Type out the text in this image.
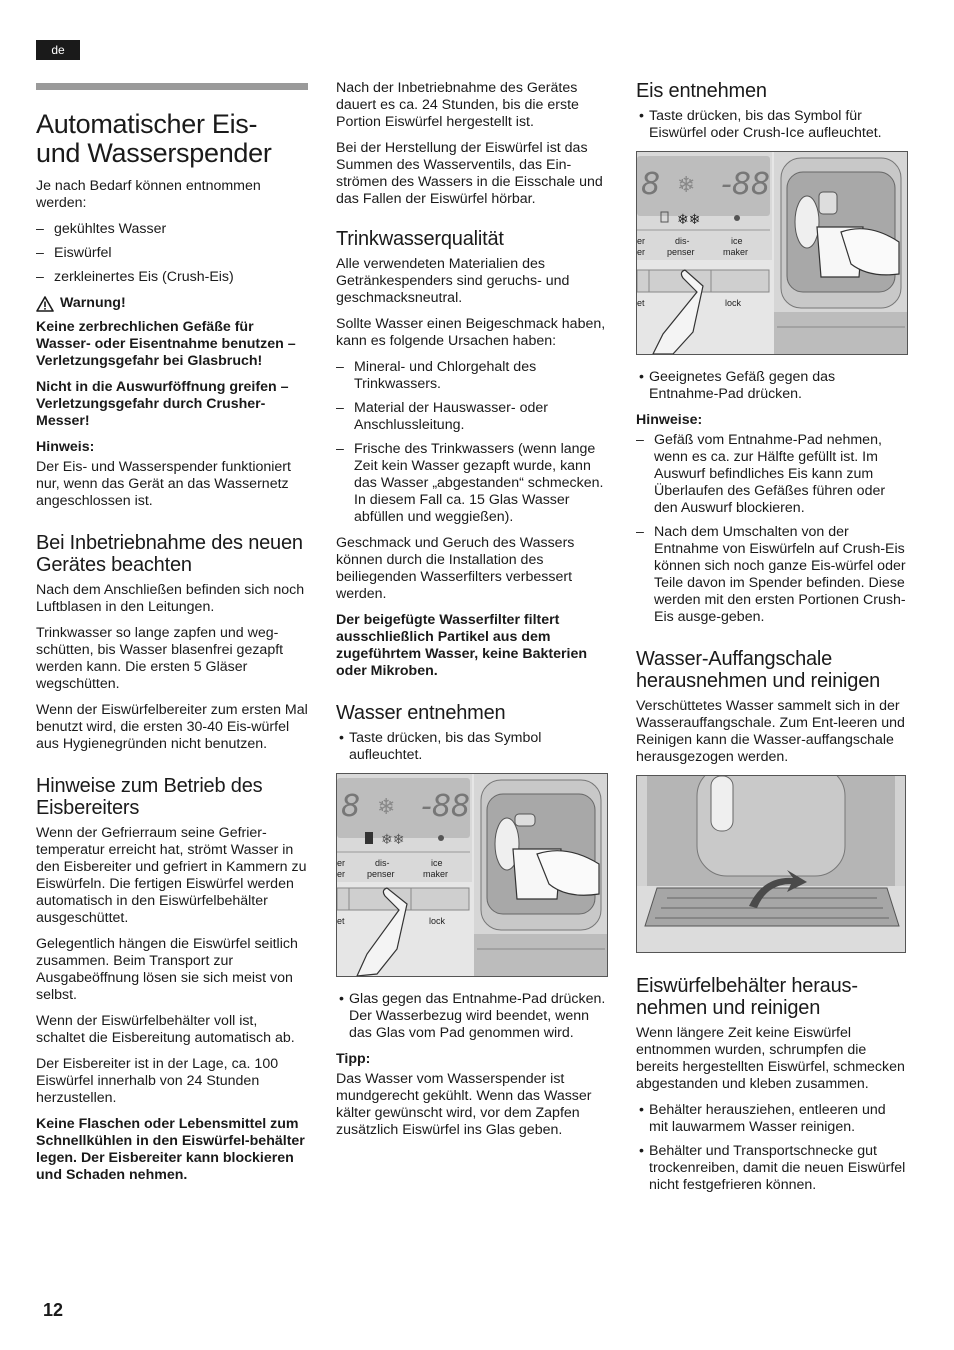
de
Automatischer Eis-
und Wasserspender

Je nach Bedarf können entnommen werden:

– gekühltes Wasser
– Eiswürfel
– zerkleinertes Eis (Crush-Eis)
Warnung!

Keine zerbrechlichen Gefäße für Wasser- oder Eisentnahme benutzen – Verletzungsgefahr bei Glasbruch!

Nicht in die Auswurföffnung greifen – Verletzungsgefahr durch Crusher-Messer!

Hinweis:

Der Eis- und Wasserspender funktioniert nur, wenn das Gerät an das Wassernetz angeschlossen ist.

Bei Inbetriebnahme des neuen Gerätes beachten

Nach dem Anschließen befinden sich noch Luftblasen in den Leitungen.

Trinkwasser so lange zapfen und weg-schütten, bis Wasser blasenfrei gezapft werden kann. Die ersten 5 Gläser wegschütten.

Wenn der Eiswürfelbereiter zum ersten Mal benutzt wird, die ersten 30-40 Eis-würfel aus Hygienegründen nicht benutzen.

Hinweise zum Betrieb des Eisbereiters

Wenn der Gefrierraum seine Gefrier-temperatur erreicht hat, strömt Wasser in den Eisbereiter und gefriert in Kammern zu Eiswürfeln. Die fertigen Eiswürfel werden automatisch in den Eiswürfelbehälter ausgeschüttet.

Gelegentlich hängen die Eiswürfel seitlich zusammen. Beim Transport zur Ausgabeöffnung lösen sie sich meist von selbst.

Wenn der Eiswürfelbehälter voll ist, schaltet die Eisbereitung automatisch ab.

Der Eisbereiter ist in der Lage, ca. 100 Eiswürfel innerhalb von 24 Stunden herzustellen.

Keine Flaschen oder Lebensmittel zum Schnellkühlen in den Eiswürfel-behälter legen. Der Eisbereiter kann blockieren und Schaden nehmen.

Nach der Inbetriebnahme des Gerätes dauert es ca. 24 Stunden, bis die erste Portion Eiswürfel hergestellt ist.

Bei der Herstellung der Eiswürfel ist das Summen des Wasserventils, das Ein-strömen des Wassers in die Eisschale und das Fallen der Eiswürfel hörbar.

Trinkwasserqualität

Alle verwendeten Materialien des Getränkespenders sind geruchs- und geschmacksneutral.

Sollte Wasser einen Beigeschmack haben, kann es folgende Ursachen haben:

– Mineral- und Chlorgehalt des Trinkwassers.
– Material der Hauswasser- oder Anschlussleitung.
– Frische des Trinkwassers (wenn lange Zeit kein Wasser gezapft wurde, kann das Wasser „abgestanden“ schmecken. In diesem Fall ca. 15 Glas Wasser abfüllen und weggießen).

Geschmack und Geruch des Wassers können durch die Installation des beiliegenden Wasserfilters verbessert werden.

Der beigefügte Wasserfilter filtert ausschließlich Partikel aus dem zugeführtem Wasser, keine Bakterien oder Mikroben.

Wasser entnehmen
• Taste drücken, bis das Symbol aufleuchtet.
8 ❄ -88
❄❄
er
er
dis-
penser
ice
maker
et	lock
• Glas gegen das Entnahme-Pad drücken. Der Wasserbezug wird beendet, wenn das Glas vom Pad genommen wird.

Tipp:

Das Wasser vom Wasserspender ist mundgerecht gekühlt. Wenn das Wasser kälter gewünscht wird, vor dem Zapfen zusätzlich Eiswürfel ins Glas geben.

Eis entnehmen
• Taste drücken, bis das Symbol für Eiswürfel oder Crush-Ice aufleuchtet.
8 ❄ -88
❄❄
er
er
dis-
penser
ice
maker
et	lock
• Geeignetes Gefäß gegen das Entnahme-Pad drücken.

Hinweise:

– Gefäß vom Entnahme-Pad nehmen, wenn es ca. zur Hälfte gefüllt ist. Im Auswurf befindliches Eis kann zum Überlaufen des Gefäßes führen oder den Auswurf blockieren.
– Nach dem Umschalten von der Entnahme von Eiswürfeln auf Crush-Eis können sich noch ganze Eis-würfel oder Teile davon im Spender befinden. Diese werden mit den ersten Portionen Crush-Eis ausge-geben.
Wasser-Auffangschale herausnehmen und reinigen

Verschüttetes Wasser sammelt sich in der Wasserauffangschale. Zum Ent-leeren und Reinigen kann die Wasser-auffangschale herausgezogen werden.

Eiswürfelbehälter heraus-nehmen und reinigen

Wenn längere Zeit keine Eiswürfel entnommen wurden, schrumpfen die bereits hergestellten Eiswürfel, schmecken abgestanden und kleben zusammen.

• Behälter herausziehen, entleeren und mit lauwarmem Wasser reinigen.
• Behälter und Transportschnecke gut trockenreiben, damit die neuen Eiswürfel nicht festgefrieren können.
12
